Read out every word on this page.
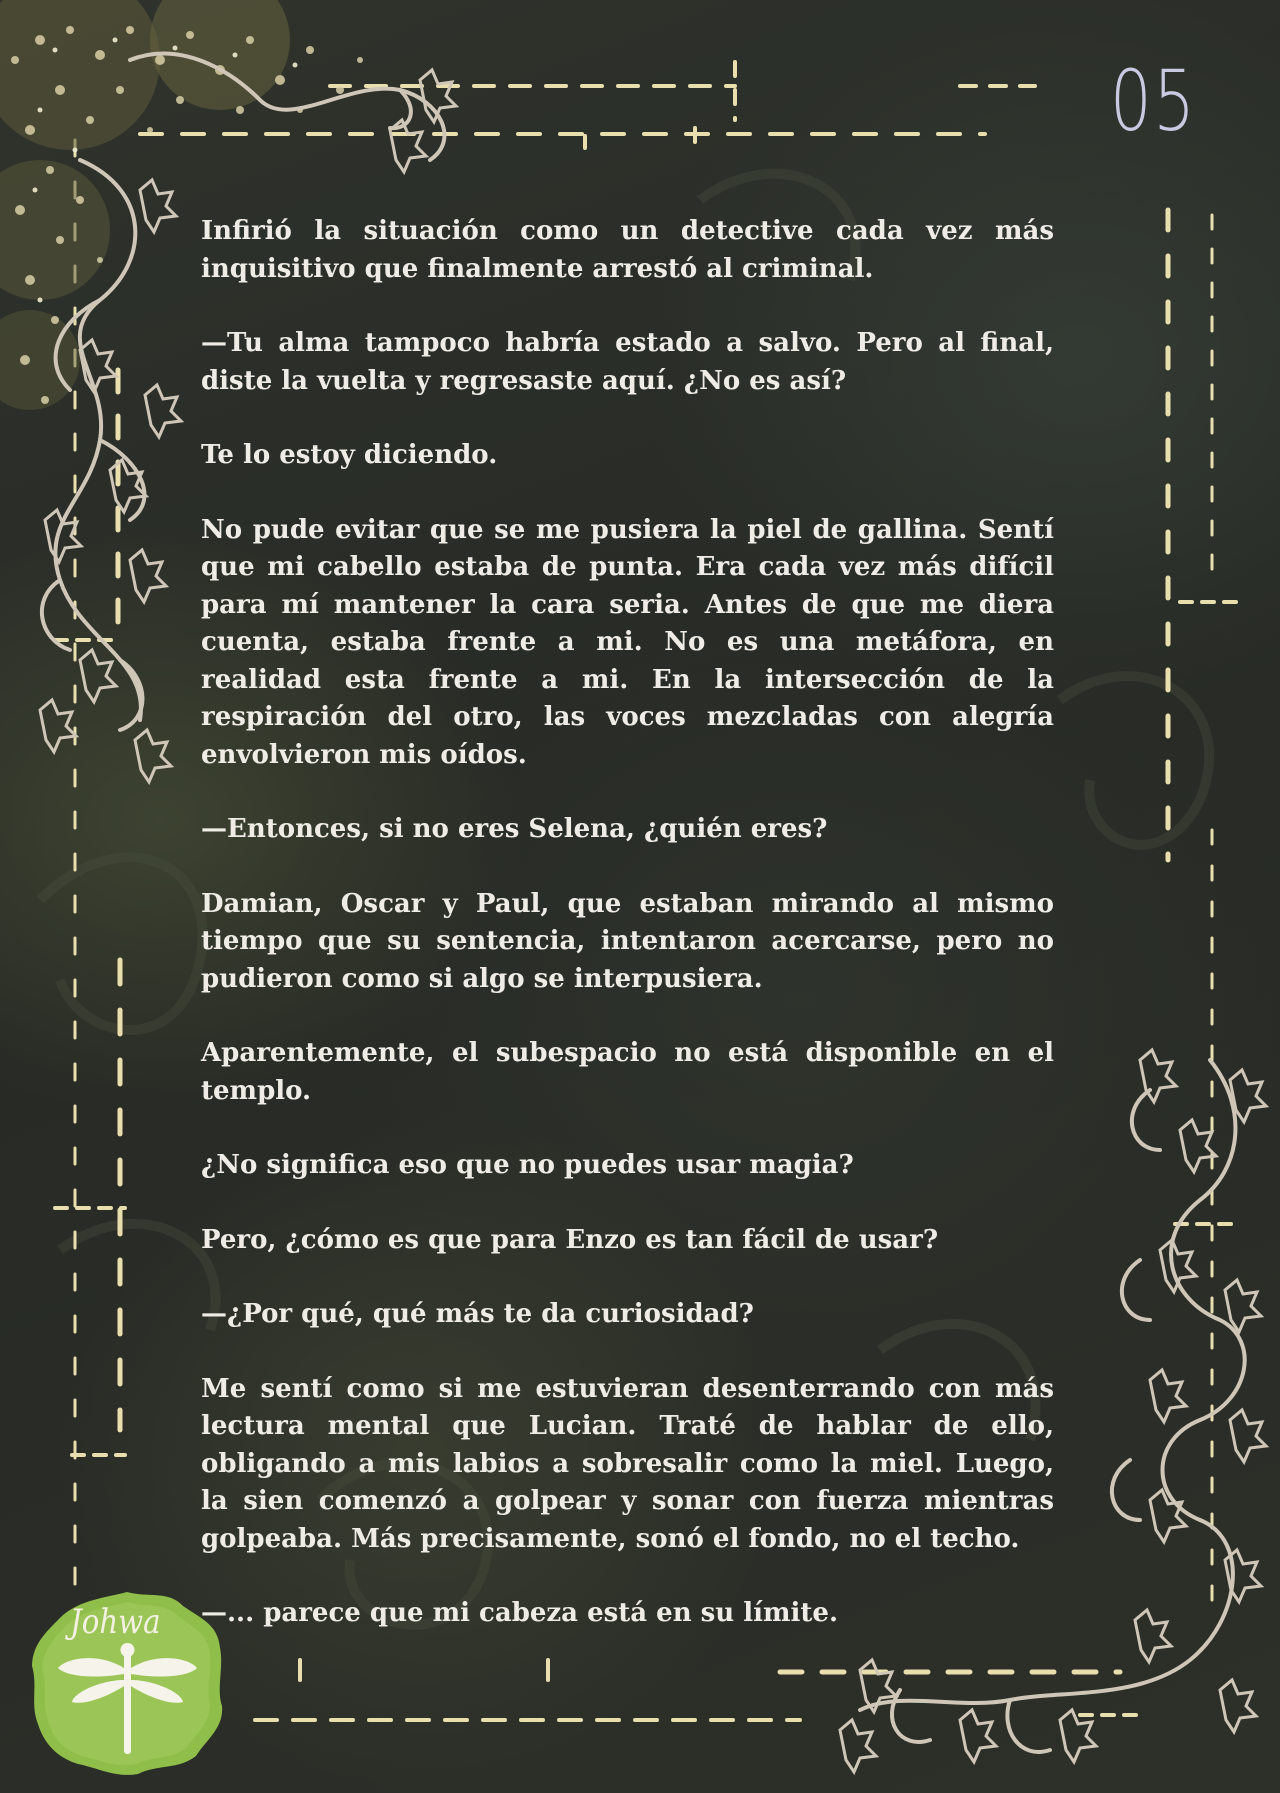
05

Infirió la situación como un detective cada vez más inquisitivo que finalmente arrestó al criminal.

—Tu alma tampoco habría estado a salvo. Pero al final, diste la vuelta y regresaste aquí. ¿No es así?

Te lo estoy diciendo.

No pude evitar que se me pusiera la piel de gallina. Sentí que mi cabello estaba de punta. Era cada vez más difícil para mí mantener la cara seria. Antes de que me diera cuenta, estaba frente a mi. No es una metáfora, en realidad esta frente a mi. En la intersección de la respiración del otro, las voces mezcladas con alegría envolvieron mis oídos.

—Entonces, si no eres Selena, ¿quién eres?

Damian, Oscar y Paul, que estaban mirando al mismo tiempo que su sentencia, intentaron acercarse, pero no pudieron como si algo se interpusiera.

Aparentemente, el subespacio no está disponible en el templo.

¿No significa eso que no puedes usar magia?

Pero, ¿cómo es que para Enzo es tan fácil de usar?

—¿Por qué, qué más te da curiosidad?

Me sentí como si me estuvieran desenterrando con más lectura mental que Lucian. Traté de hablar de ello, obligando a mis labios a sobresalir como la miel. Luego, la sien comenzó a golpear y sonar con fuerza mientras golpeaba. Más precisamente, sonó el fondo, no el techo.

—... parece que mi cabeza está en su límite.

Johwa
